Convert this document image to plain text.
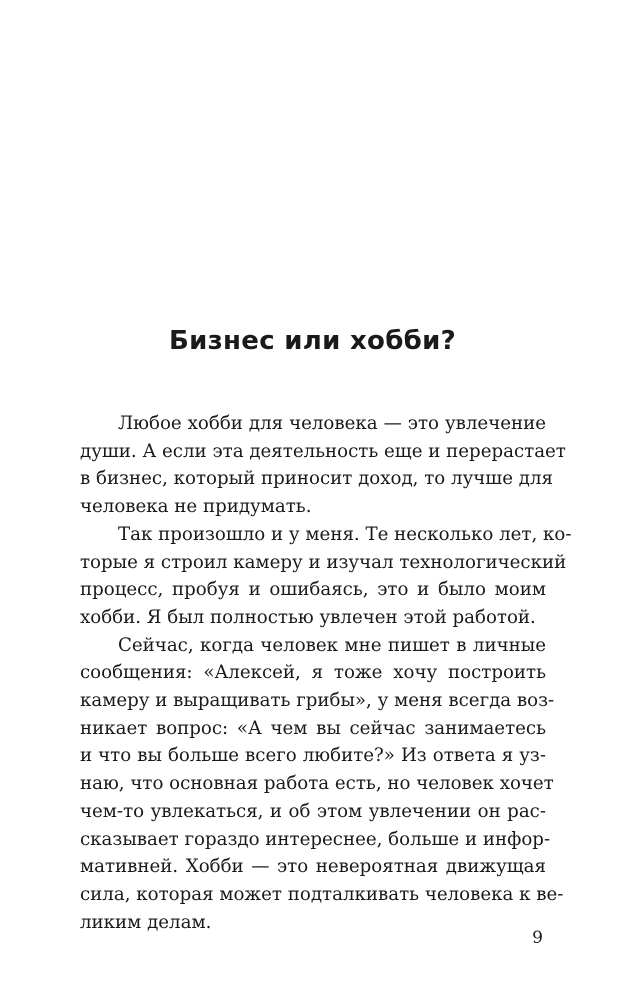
Бизнес или хобби?

Любое хобби для человека — это увлечение
души. А если эта деятельность еще и перерастает
в бизнес, который приносит доход, то лучше для
человека не придумать.

Так произошло и у меня. Те несколько лет, ко-
торые я строил камеру и изучал технологический
процесс, пробуя и ошибаясь, это и было моим
хобби. Я был полностью увлечен этой работой.

Сейчас, когда человек мне пишет в личные
сообщения: «Алексей, я тоже хочу построить
камеру и выращивать грибы», у меня всегда воз-
никает вопрос: «А чем вы сейчас занимаетесь
и что вы больше всего любите?» Из ответа я уз-
наю, что основная работа есть, но человек хочет
чем-то увлекаться, и об этом увлечении он рас-
сказывает гораздо интереснее, больше и инфор-
мативней. Хобби — это невероятная движущая
сила, которая может подталкивать человека к ве-
ликим делам.

9
